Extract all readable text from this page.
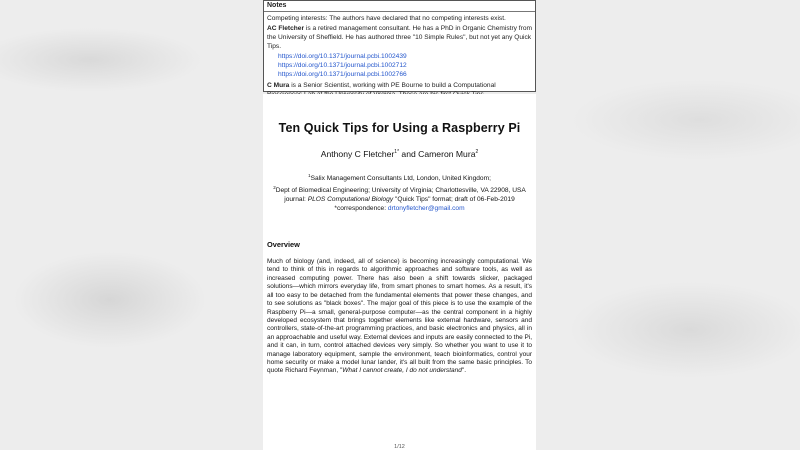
Notes

Competing interests: The authors have declared that no competing interests exist.

AC Fletcher is a retired management consultant. He has a PhD in Organic Chemistry from the University of Sheffield. He has authored three "10 Simple Rules", but not yet any Quick Tips.

https://doi.org/10.1371/journal.pcbi.1002439
https://doi.org/10.1371/journal.pcbi.1002712
https://doi.org/10.1371/journal.pcbi.1002766

C Mura is a Senior Scientist, working with PE Bourne to build a Computational

Ten Quick Tips for Using a Raspberry Pi
Anthony C Fletcher$^{1*}$ and Cameron Mura$^2$
$^1$Salix Management Consultants Ltd, London, United Kingdom;
$^2$Dept of Biomedical Engineering; University of Virginia; Charlottesville, VA 22908, USA
journal: PLOS Computational Biology "Quick Tips" format; draft of 06-Feb-2019
*correspondence: drtonyfletcher@gmail.com
Overview
Much of biology (and, indeed, all of science) is becoming increasingly computational. We
tend to think of this in regards to algorithmic approaches and software tools, as well as
increased computing power. There has also been a shift towards slicker, packaged
solutions—which mirrors everyday life, from smart phones to smart homes. As a result, it's
all too easy to be detached from the fundamental elements that power these changes, and
to see solutions as "black boxes". The major goal of this piece is to use the example of the
Raspberry Pi—a small, general-purpose computer—as the central component in a highly
developed ecosystem that brings together elements like external hardware, sensors and
controllers, state-of-the-art programming practices, and basic electronics and physics, all in
an approachable and useful way. External devices and inputs are easily connected to the Pi,
and it can, in turn, control attached devices very simply. So whether you want to use it to
manage laboratory equipment, sample the environment, teach bioinformatics, control your
home security or make a model lunar lander, it's all built from the same basic principles. To
quote Richard Feynman, "What I cannot create, I do not understand".
1/12
